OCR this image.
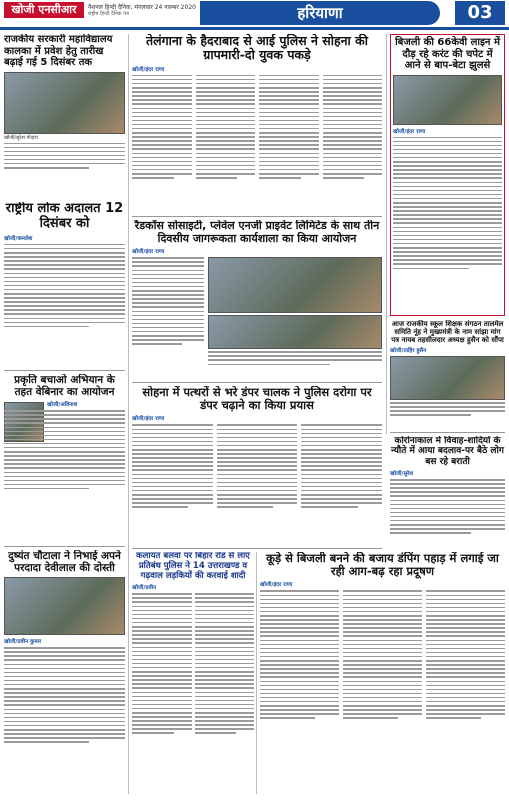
खोजी एनसीआर	नैशनल हिन्दी दैनिक, मंगलवार 24 नवम्बर 2020
राष्ट्रीय हिन्दी दैनिक पत्र	हरियाणा	03
राजकीय सरकारी महाविद्यालय कालका में प्रवेश हेतु तारीख बढ़ाई गई 5 दिसंबर तक
खोजी/सुरेश गोदारा
राष्ट्रीय लोक अदालत 12 दिसंबर को
खोजी/कमलेश
प्रकृति बचाओ अभियान के तहत वेबिनार का आयोजन
खोजी/अविनाश
दुष्यंत चौटाला ने निभाई अपने परदादा देवीलाल की दोस्ती
खोजी/प्रवीन कुमार
तेलंगाना के हैदराबाद से आई पुलिस ने सोहना की ग्रापमारी-दो युवक पकड़े
खोजी/इंदर राणा
रैडकॉस सोसाइटी, प्लेवेल एनजी प्राइवेट लिमिटेड के साथ तीन दिवसीय जागरूकता कार्यशाला का किया आयोजन
खोजी/इंदर राणा
सोहना में पत्थरों से भरे डंपर चालक ने पुलिस दरोगा पर डंपर चढ़ाने का किया प्रयास
खोजी/इंदर राणा
कलायत बलवा पर बिहार रोड से लाएं प्रतिबंध पुलिस ने 14 उत्तराखण्ड व गढ़वाल लड़कियों की करवाई शादी
खोजी/प्रवीन
बिजली की 66केवी लाइन में दौड़ रहे करंट की चपेट में आने से बाप-बेटा झुलसे
खोजी/इंदर राणा
आज राजकीय स्कूल शिक्षक संगठन तालमेल समिति नूंह ने मुख्यमंत्री के नाम सांझा मांग पत्र नायब तहसीलदार अध्यक्ष हुसैन को सौंपा
खोजी/ताहिर हुसैन
कोरोनाकाल में विवाह-शादियों के न्यौते में आया बदलाव-पर बैठे लोग बस रहे बराती
खोजी/सुरेश
कूड़े से बिजली बनने की बजाय डंपिंग पहाड़ में लगाई जा रही आग-बढ़ रहा प्रदूषण
खोजी/इंदर राणा
